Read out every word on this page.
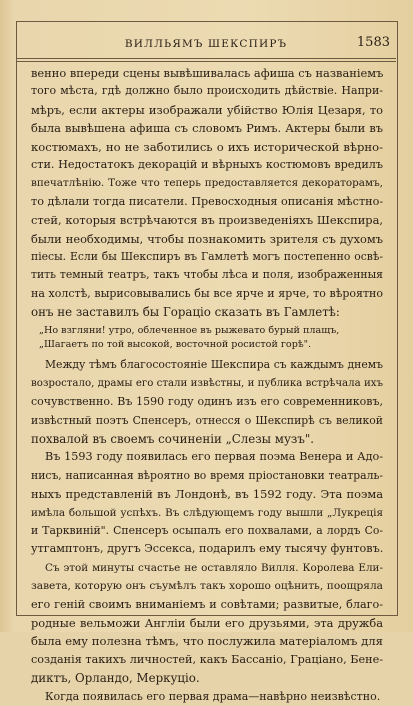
ВИЛЛЬЯМЪ ШЕКСПИРЪ	1583
венно впереди сцены вывѣшивалась афиша съ названіемъ
того мѣста, гдѣ должно было происходить дѣйствіе. Напри-
мѣръ, если актеры изображали убійство Юлія Цезаря, то
была вывѣшена афиша съ словомъ Римъ. Актеры были въ
костюмахъ, но не заботились о ихъ исторической вѣрно-
сти. Недостатокъ декорацій и вѣрныхъ костюмовъ вредилъ
впечатлѣнію. Тоже что теперь предоставляется декораторамъ,
то дѣлали тогда писатели. Превосходныя описанія мѣстно-
стей, которыя встрѣчаются въ произведеніяхъ Шекспира,
были необходимы, чтобы познакомить зрителя съ духомъ
піесы. Если бы Шекспиръ въ Гамлетѣ могъ постепенно освѣ-
тить темный театръ, такъ чтобы лѣса и поля, изображенныя
на холстѣ, вырисовывались бы все ярче и ярче, то вѣроятно
онъ не заставилъ бы Горацiо сказать въ Гамлетѣ:
„Но взгляни! утро, облеченное въ рыжевато бурый плащъ,
„Шагаетъ по той высокой, восточной росистой горѣ".
Между тѣмъ благосостояніе Шекспира съ каждымъ днемъ
возростало, драмы его стали извѣстны, и публика встрѣчала ихъ
сочувственно. Въ 1590 году одинъ изъ его современниковъ,
извѣстный поэтъ Спенсеръ, отнесся о Шекспирѣ съ великой
похвалой въ своемъ сочиненіи „Слезы музъ".
Въ 1593 году появилась его первая поэма Венера и Адо-
нисъ, написанная вѣроятно во время пріостановки театраль-
ныхъ представленій въ Лондонѣ, въ 1592 году. Эта поэма
имѣла большой успѣхъ. Въ слѣдующемъ году вышли „Лукреція
и Тарквиній". Спенсеръ осыпалъ его похвалами, а лордъ Со-
утгамптонъ, другъ Эссекса, подарилъ ему тысячу фунтовъ.
Съ этой минуты счастье не оставляло Вилля. Королева Ели-
завета, которую онъ съумѣлъ такъ хорошо оцѣнить, поощряла
его геній своимъ вниманіемъ и совѣтами; развитые, благо-
родные вельможи Англіи были его друзьями, эта дружба
была ему полезна тѣмъ, что послужила матеріаломъ для
созданія такихъ личностей, какъ Бассаніо, Граціано, Бене-
диктъ, Орландо, Меркуціо.
Когда появилась его первая драма—навѣрно неизвѣстно.
